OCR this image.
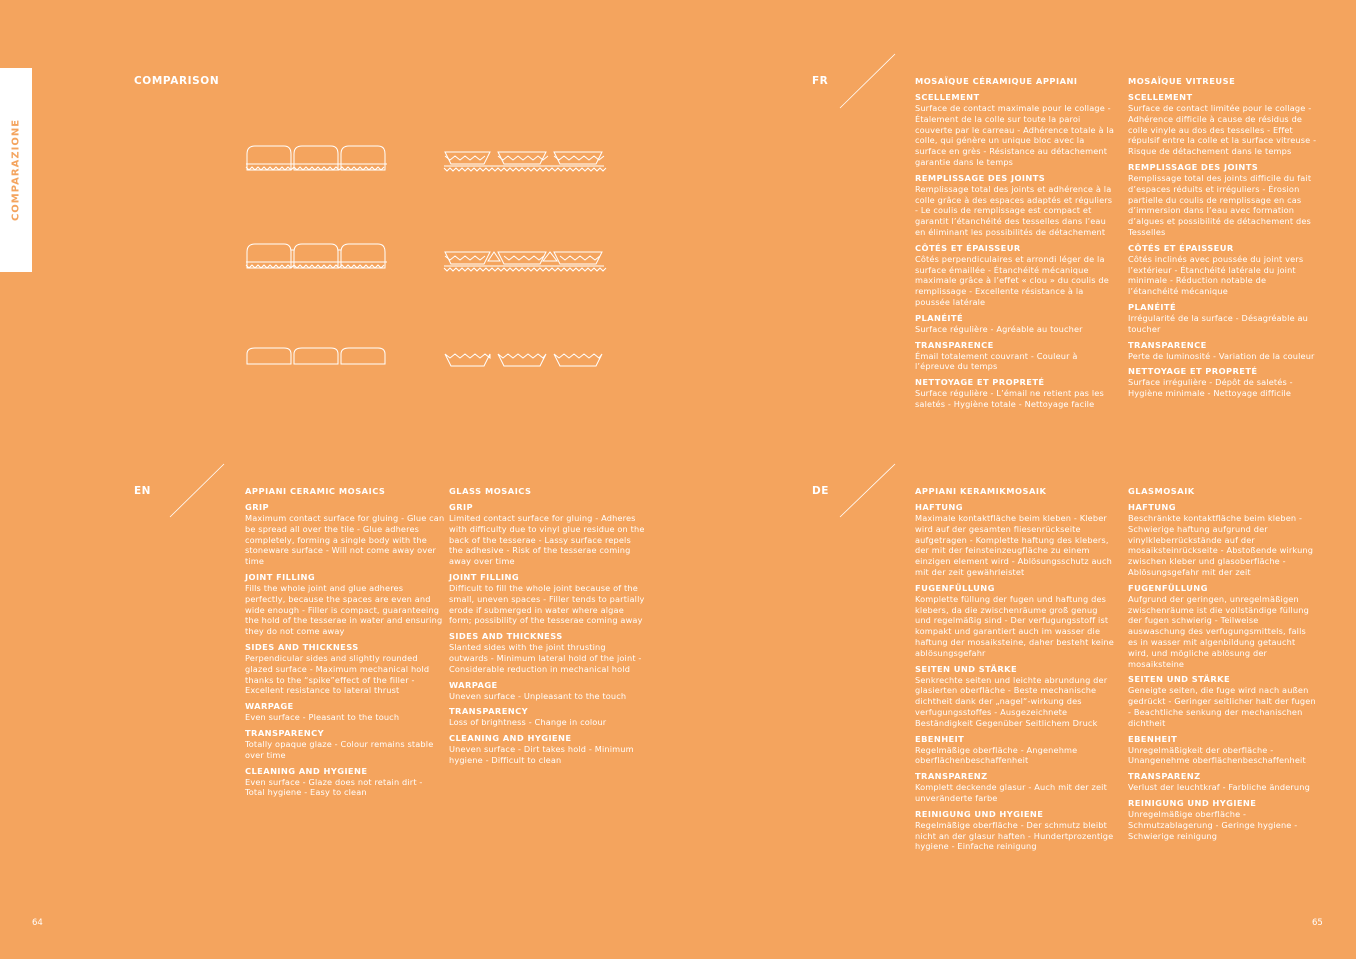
COMPARAZIONE
COMPARISON	FR
EN	DE
APPIANI CERAMIC MOSAICS
GRIP
Maximum contact surface for gluing - Glue can be spread all over the tile - Glue adheres completely, forming a single body with the stoneware surface - Will not come away over time
JOINT FILLING
Fills the whole joint and glue adheres perfectly, because the spaces are even and wide enough - Filler is compact, guaranteeing the hold of the tesserae in water and ensuring they do not come away
SIDES AND THICKNESS
Perpendicular sides and slightly rounded glazed surface - Maximum mechanical hold thanks to the “spike”effect of the filler - Excellent resistance to lateral thrust
WARPAGE
Even surface - Pleasant to the touch
TRANSPARENCY
Totally opaque glaze - Colour remains stable over time
CLEANING AND HYGIENE
Even surface - Glaze does not retain dirt - Total hygiene - Easy to clean
GLASS MOSAICS
GRIP
Limited contact surface for gluing - Adheres with difficulty due to vinyl glue residue on the back of the tesserae - Lassy surface repels the adhesive - Risk of the tesserae coming away over time
JOINT FILLING
Difficult to fill the whole joint because of the small, uneven spaces - Filler tends to partially erode if submerged in water where algae form; possibility of the tesserae coming away
SIDES AND THICKNESS
Slanted sides with the joint thrusting outwards - Minimum lateral hold of the joint - Considerable reduction in mechanical hold
WARPAGE
Uneven surface - Unpleasant to the touch
TRANSPARENCY
Loss of brightness - Change in colour
CLEANING AND HYGIENE
Uneven surface - Dirt takes hold - Minimum hygiene - Difficult to clean
MOSAÏQUE CÉRAMIQUE APPIANI
SCELLEMENT
Surface de contact maximale pour le collage - Étalement de la colle sur toute la paroi couverte par le carreau - Adhérence totale à la colle, qui génère un unique bloc avec la surface en grès - Résistance au détachement garantie dans le temps
REMPLISSAGE DES JOINTS
Remplissage total des joints et adhérence à la colle grâce à des espaces adaptés et réguliers - Le coulis de remplissage est compact et garantit l’étanchéité des tesselles dans l’eau en éliminant les possibilités de détachement
CÔTÉS ET ÉPAISSEUR
Côtés perpendiculaires et arrondi léger de la surface émaillée - Étanchéité mécanique maximale grâce à l’effet « clou » du coulis de remplissage - Excellente résistance à la poussée latérale
PLANÉITÉ
Surface régulière - Agréable au toucher
TRANSPARENCE
Émail totalement couvrant - Couleur à l’épreuve du temps
NETTOYAGE ET PROPRETÉ
Surface régulière - L’émail ne retient pas les saletés - Hygiène totale - Nettoyage facile
MOSAÏQUE VITREUSE
SCELLEMENT
Surface de contact limitée pour le collage - Adhérence difficile à cause de résidus de colle vinyle au dos des tesselles - Effet répulsif entre la colle et la surface vitreuse - Risque de détachement dans le temps
REMPLISSAGE DES JOINTS
Remplissage total des joints difficile du fait d’espaces réduits et irréguliers - Érosion partielle du coulis de remplissage en cas d’immersion dans l’eau avec formation d’algues et possibilité de détachement des Tesselles
CÔTÉS ET ÉPAISSEUR
Côtés inclinés avec poussée du joint vers l’extérieur - Étanchéité latérale du joint minimale - Réduction notable de l’étanchéité mécanique
PLANÉITÉ
Irrégularité de la surface - Désagréable au toucher
TRANSPARENCE
Perte de luminosité - Variation de la couleur
NETTOYAGE ET PROPRETÉ
Surface irrégulière - Dépôt de saletés - Hygiène minimale - Nettoyage difficile
APPIANI KERAMIKMOSAIK
HAFTUNG
Maximale kontaktfläche beim kleben - Kleber wird auf der gesamten fliesenrückseite aufgetragen - Komplette haftung des klebers, der mit der feinsteinzeugfläche zu einem einzigen element wird - Ablösungsschutz auch mit der zeit gewährleistet
FUGENFÜLLUNG
Komplette füllung der fugen und haftung des klebers, da die zwischenräume groß genug und regelmäßig sind - Der verfugungsstoff ist kompakt und garantiert auch im wasser die haftung der mosaiksteine, daher besteht keine ablösungsgefahr
SEITEN UND STÄRKE
Senkrechte seiten und leichte abrundung der glasierten oberfläche - Beste mechanische dichtheit dank der „nagel“-wirkung des verfugungsstoffes - Ausgezeichnete Beständigkeit Gegenüber Seitlichem Druck
EBENHEIT
Regelmäßige oberfläche - Angenehme oberflächenbeschaffenheit
TRANSPARENZ
Komplett deckende glasur - Auch mit der zeit unveränderte farbe
REINIGUNG UND HYGIENE
Regelmäßige oberfläche - Der schmutz bleibt nicht an der glasur haften - Hundertprozentige hygiene - Einfache reinigung
GLASMOSAIK
HAFTUNG
Beschränkte kontaktfläche beim kleben - Schwierige haftung aufgrund der vinylkleberrückstände auf der mosaiksteinrückseite - Abstoßende wirkung zwischen kleber und glasoberfläche - Ablösungsgefahr mit der zeit
FUGENFÜLLUNG
Aufgrund der geringen, unregelmäßigen zwischenräume ist die vollständige füllung der fugen schwierig - Teilweise auswaschung des verfugungsmittels, falls es in wasser mit algenbildung getaucht wird, und mögliche ablösung der mosaiksteine
SEITEN UND STÄRKE
Geneigte seiten, die fuge wird nach außen gedrückt - Geringer seitlicher halt der fugen - Beachtliche senkung der mechanischen dichtheit
EBENHEIT
Unregelmäßigkeit der oberfläche - Unangenehme oberflächenbeschaffenheit
TRANSPARENZ
Verlust der leuchtkraf - Farbliche änderung
REINIGUNG UND HYGIENE
Unregelmäßige oberfläche - Schmutzablagerung - Geringe hygiene - Schwierige reinigung
64	65
